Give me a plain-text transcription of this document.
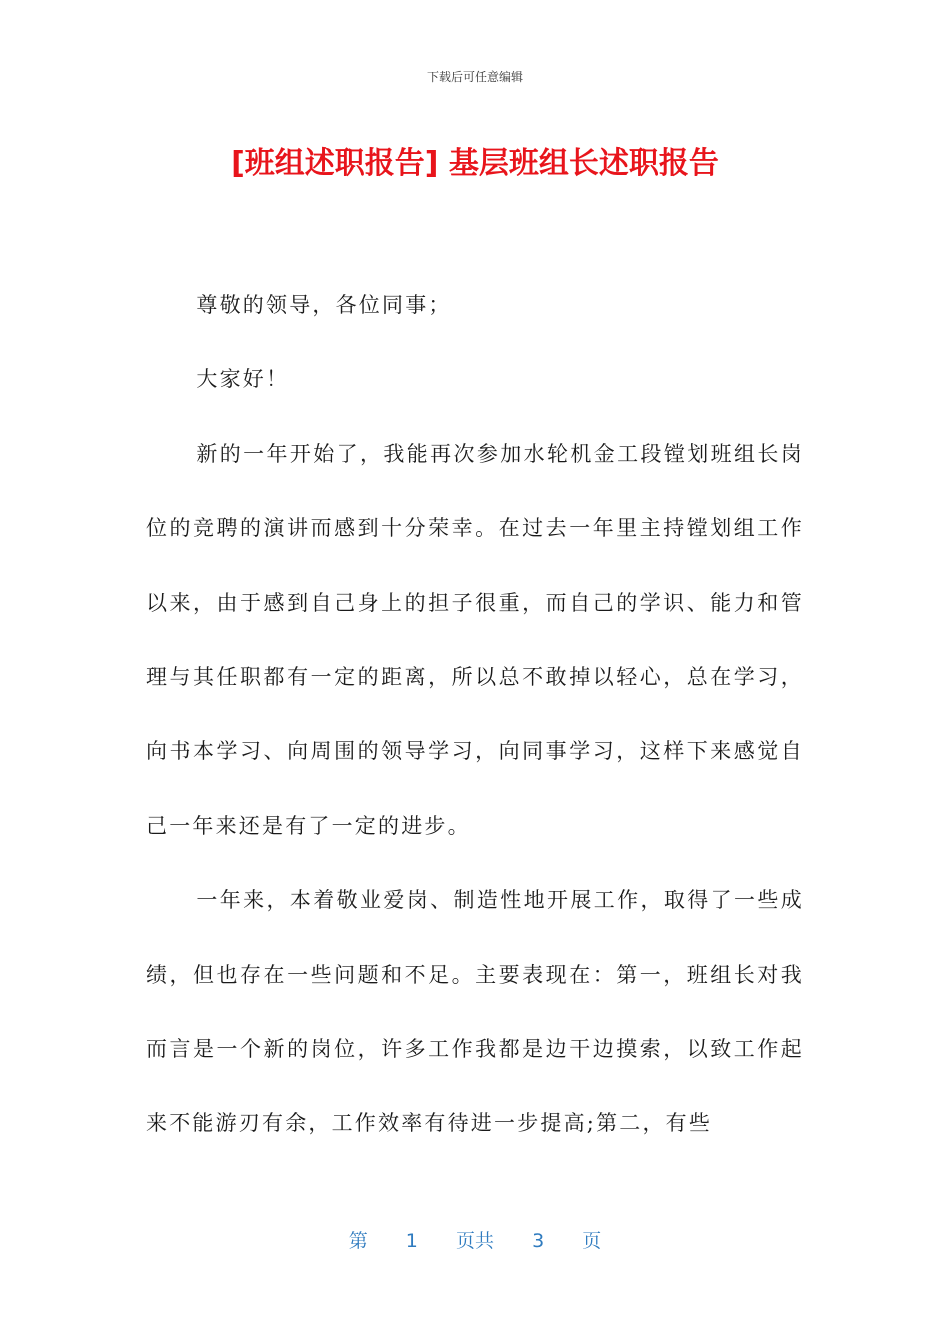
下载后可任意编辑
[班组述职报告] 基层班组长述职报告

尊敬的领导，各位同事；

大家好！

新的一年开始了，我能再次参加水轮机金工段镗划班组长岗位的竞聘的演讲而感到十分荣幸。在过去一年里主持镗划组工作以来，由于感到自己身上的担子很重，而自己的学识、能力和管理与其任职都有一定的距离，所以总不敢掉以轻心，总在学习，向书本学习、向周围的领导学习，向同事学习，这样下来感觉自己一年来还是有了一定的进步。

一年来，本着敬业爱岗、制造性地开展工作，取得了一些成绩，但也存在一些问题和不足。主要表现在：第一，班组长对我而言是一个新的岗位，许多工作我都是边干边摸索，以致工作起来不能游刃有余，工作效率有待进一步提高;第二，有些

第 1 页共 3 页
